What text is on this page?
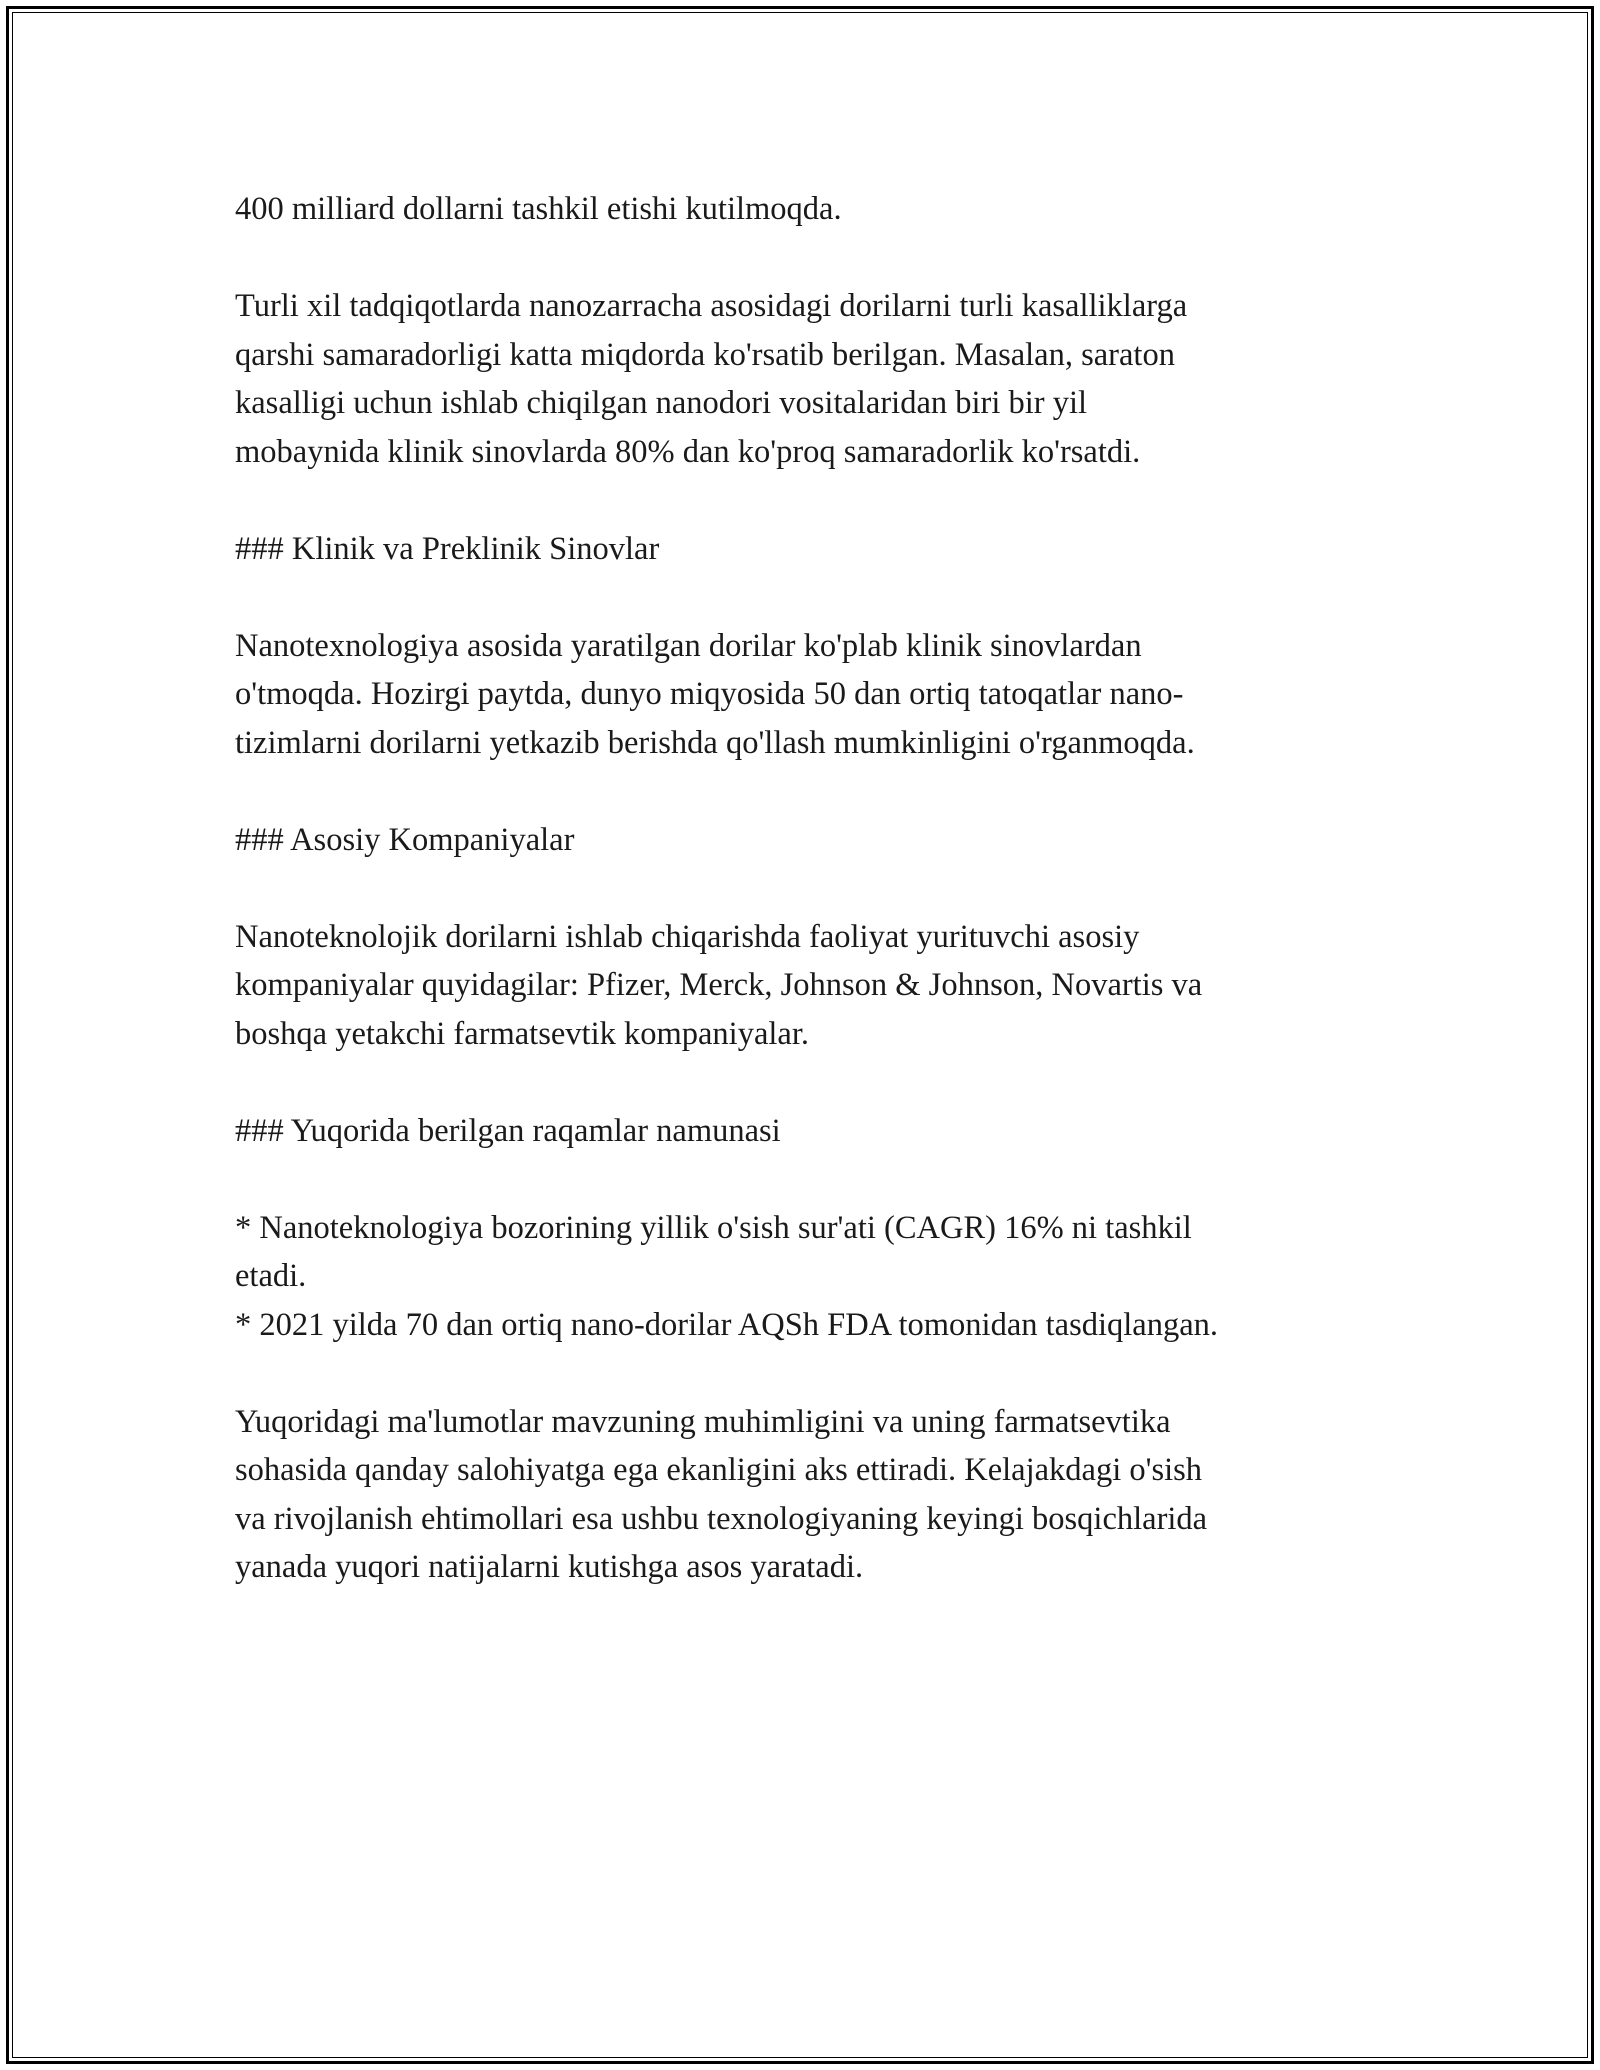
400 milliard dollarni tashkil etishi kutilmoqda.
Turli xil tadqiqotlarda nanozarracha asosidagi dorilarni turli kasalliklarga
qarshi samaradorligi katta miqdorda ko'rsatib berilgan. Masalan, saraton
kasalligi uchun ishlab chiqilgan nanodori vositalaridan biri bir yil
mobaynida klinik sinovlarda 80% dan ko'proq samaradorlik ko'rsatdi.
### Klinik va Preklinik Sinovlar
Nanotexnologiya asosida yaratilgan dorilar ko'plab klinik sinovlardan
o'tmoqda. Hozirgi paytda, dunyo miqyosida 50 dan ortiq tatoqatlar nano-
tizimlarni dorilarni yetkazib berishda qo'llash mumkinligini o'rganmoqda.
### Asosiy Kompaniyalar
Nanoteknolojik dorilarni ishlab chiqarishda faoliyat yurituvchi asosiy
kompaniyalar quyidagilar: Pfizer, Merck, Johnson & Johnson, Novartis va
boshqa yetakchi farmatsevtik kompaniyalar.
### Yuqorida berilgan raqamlar namunasi
* Nanoteknologiya bozorining yillik o'sish sur'ati (CAGR) 16% ni tashkil
etadi.
* 2021 yilda 70 dan ortiq nano-dorilar AQSh FDA tomonidan tasdiqlangan.
Yuqoridagi ma'lumotlar mavzuning muhimligini va uning farmatsevtika
sohasida qanday salohiyatga ega ekanligini aks ettiradi. Kelajakdagi o'sish
va rivojlanish ehtimollari esa ushbu texnologiyaning keyingi bosqichlarida
yanada yuqori natijalarni kutishga asos yaratadi.
